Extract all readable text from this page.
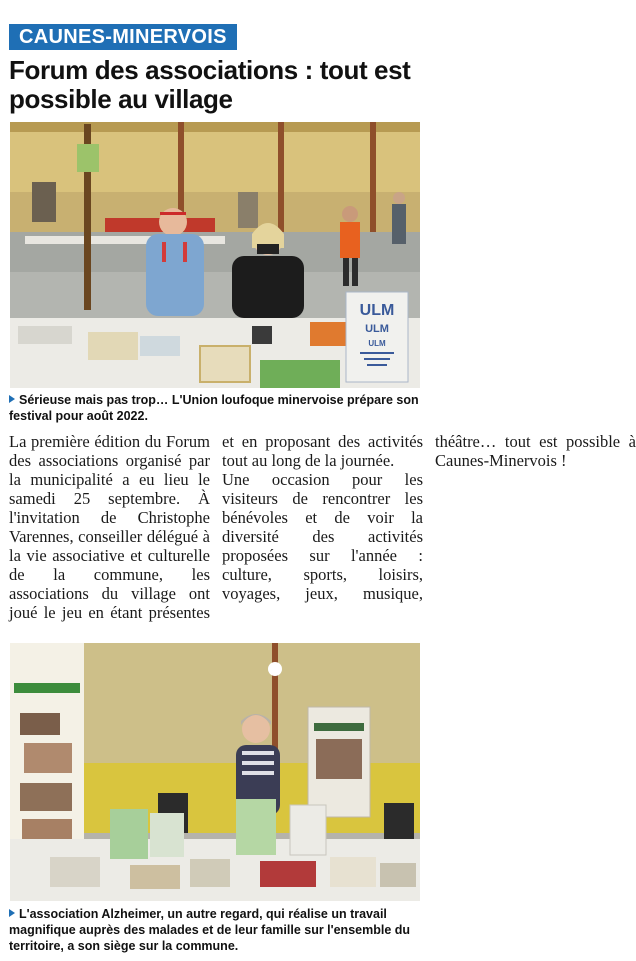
CAUNES-MINERVOIS
Forum des associations : tout est possible au village
ULM
ULM
ULM

Sérieuse mais pas trop… L'Union loufoque minervoise prépare son festival pour août 2022.

La première édition du Forum des associations organisé par la municipalité a eu lieu le samedi 25 septembre. À l'invitation de Christophe Varennes, conseiller délégué à la vie associative et culturelle de la commune, les associations du village ont joué le jeu en étant présentes et en proposant des activités tout au long de la journée.

Une occasion pour les visiteurs de rencontrer les bénévoles et de voir la diversité des activités proposées sur l'année : culture, sports, loisirs, voyages, jeux, musique, théâtre… tout est possible à Caunes-Minervois !

L'association Alzheimer, un autre regard, qui réalise un travail magnifique auprès des malades et de leur famille sur l'ensemble du territoire, a son siège sur la commune.
